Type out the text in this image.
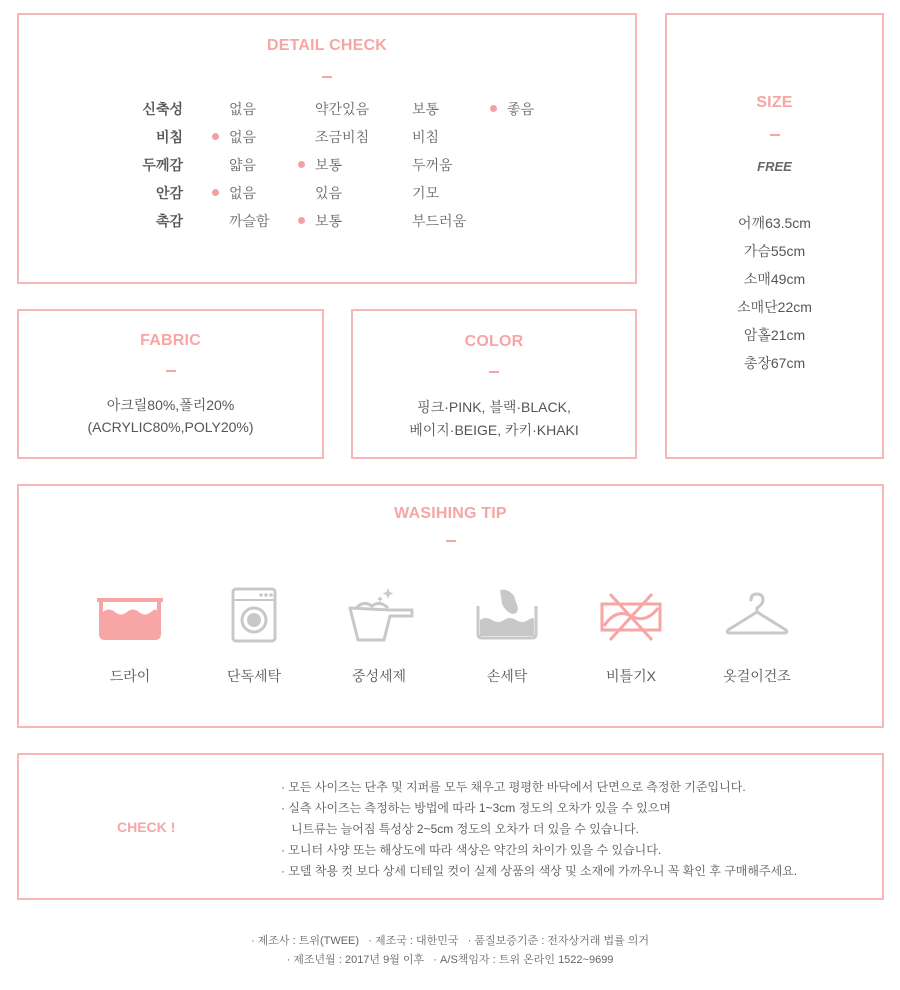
DETAIL CHECK
신축성	없음	약간있음	보통	좋음
비침	없음	조금비침	비침
두께감	얇음	보통	두꺼움
안감	없음	있음	기모
촉감	까슬함	보통	부드러움
SIZE
FREE
어깨63.5cm
가슴55cm
소매49cm
소매단22cm
암홀21cm
총장67cm
FABRIC
아크릴80%,폴리20%
(ACRYLIC80%,POLY20%)
COLOR
핑크·PINK, 블랙·BLACK,
베이지·BEIGE, 카키·KHAKI
WASIHING TIP
드라이	단독세탁	중성세제	손세탁	비틀기X	옷걸이건조
CHECK !
· 모든 사이즈는 단추 및 지퍼를 모두 채우고 평평한 바닥에서 단면으로 측정한 기준입니다.
· 실측 사이즈는 측정하는 방법에 따라 1~3cm 정도의 오차가 있을 수 있으며
니트류는 늘어짐 특성상 2~5cm 정도의 오차가 더 있을 수 있습니다.
· 모니터 사양 또는 해상도에 따라 색상은 약간의 차이가 있을 수 있습니다.
· 모델 착용 컷 보다 상세 디테일 컷이 실제 상품의 색상 및 소재에 가까우니 꼭 확인 후 구매해주세요.
· 제조사 : 트위(TWEE)   · 제조국 : 대한민국   · 품질보증기준 : 전자상거래 법률 의거
· 제조년월 : 2017년 9월 이후   · A/S책임자 : 트위 온라인 1522~9699
